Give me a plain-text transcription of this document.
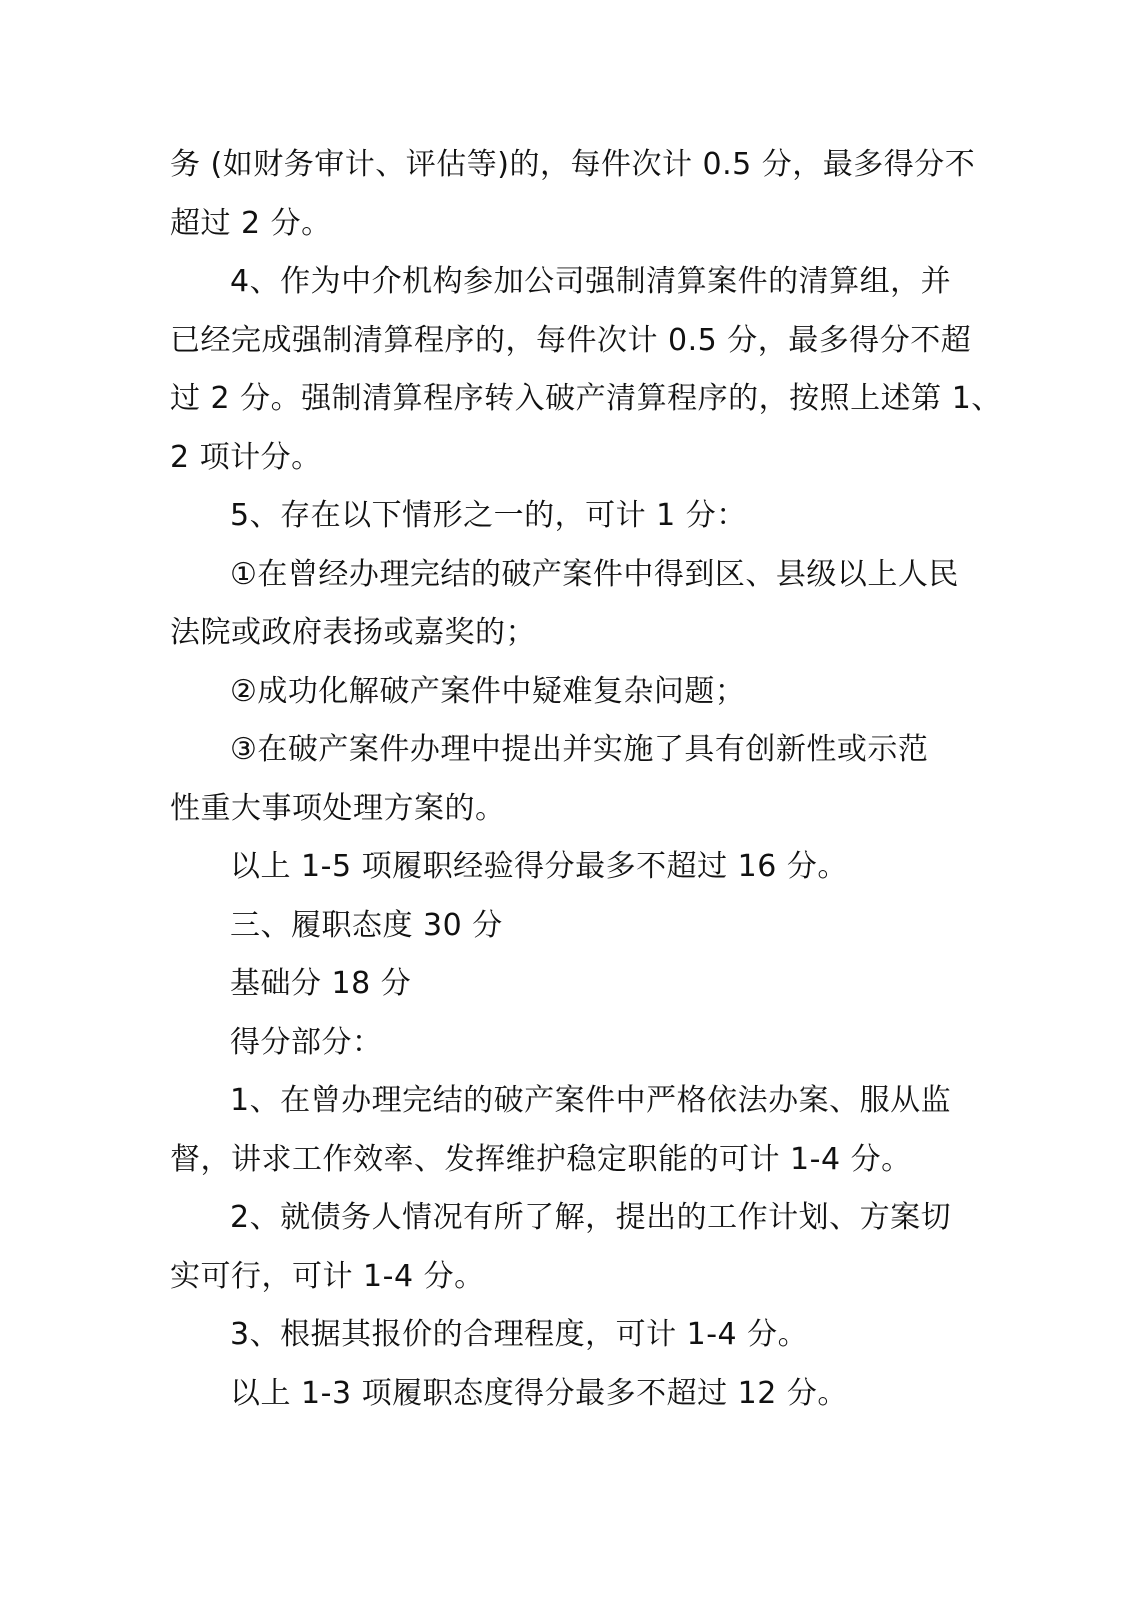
务 (如财务审计、评估等)的，每件次计 0.5 分，最多得分不
超过 2 分。
4、作为中介机构参加公司强制清算案件的清算组，并
已经完成强制清算程序的，每件次计 0.5 分，最多得分不超
过 2 分。强制清算程序转入破产清算程序的，按照上述第 1、
2 项计分。
5、存在以下情形之一的，可计 1 分：
①在曾经办理完结的破产案件中得到区、县级以上人民
法院或政府表扬或嘉奖的；
②成功化解破产案件中疑难复杂问题；
③在破产案件办理中提出并实施了具有创新性或示范
性重大事项处理方案的。
以上 1-5 项履职经验得分最多不超过 16 分。
三、履职态度 30 分
基础分 18 分
得分部分：
1、在曾办理完结的破产案件中严格依法办案、服从监
督，讲求工作效率、发挥维护稳定职能的可计 1-4 分。
2、就债务人情况有所了解，提出的工作计划、方案切
实可行，可计 1-4 分。
3、根据其报价的合理程度，可计 1-4 分。
以上 1-3 项履职态度得分最多不超过 12 分。
